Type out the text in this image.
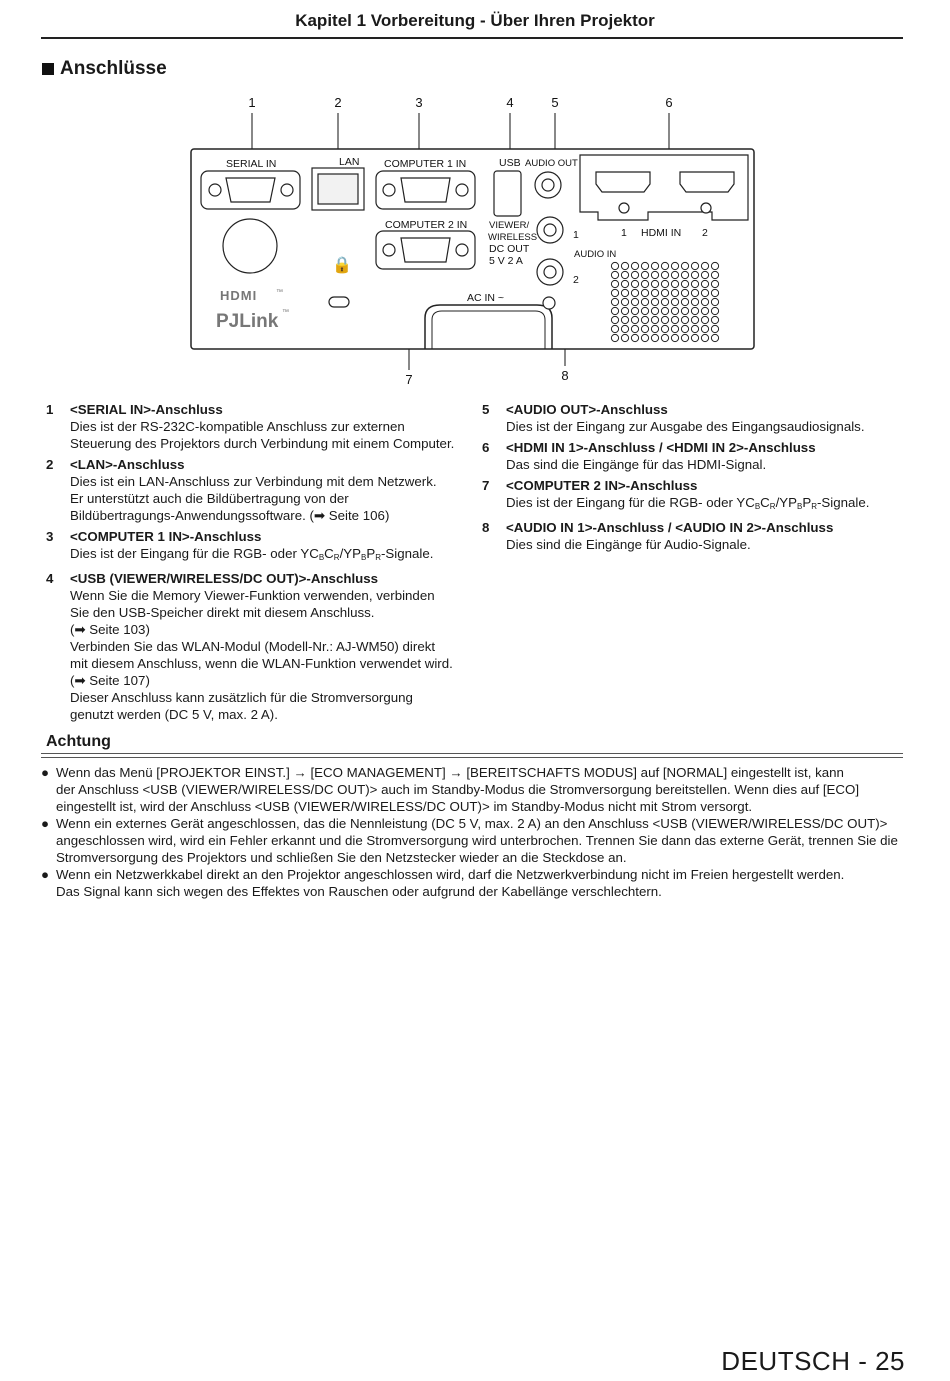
Kapitel 1 Vorbereitung - Über Ihren Projektor
Anschlüsse
1	2	3	4	5	6
7	8
SERIAL IN	LAN COMPUTER 1 IN
COMPUTER 2 IN
USB AUDIO OUT
VIEWER/
WIRELESS
DC OUT
5 V 2 A
AUDIO IN
1
2
HDMI IN
1	2
AC IN ~
HDMI	™
PJLink ™
🔒
1	<SERIAL IN>-Anschluss
Dies ist der RS-232C-kompatible Anschluss zur externen
Steuerung des Projektors durch Verbindung mit einem Computer.
2	<LAN>-Anschluss
Dies ist ein LAN-Anschluss zur Verbindung mit dem Netzwerk.
Er unterstützt auch die Bildübertragung von der
Bildübertragungs-Anwendungssoftware. (➡ Seite 106)
3	<COMPUTER 1 IN>-Anschluss
Dies ist der Eingang für die RGB- oder $YC_BC_R/YP_BP_R$-Signale.
4	<USB (VIEWER/WIRELESS/DC OUT)>-Anschluss
Wenn Sie die Memory Viewer-Funktion verwenden, verbinden
Sie den USB-Speicher direkt mit diesem Anschluss.
(➡ Seite 103)
Verbinden Sie das WLAN-Modul (Modell-Nr.: AJ-WM50) direkt
mit diesem Anschluss, wenn die WLAN-Funktion verwendet wird.
(➡ Seite 107)
Dieser Anschluss kann zusätzlich für die Stromversorgung
genutzt werden (DC 5 V, max. 2 A).
5	<AUDIO OUT>-Anschluss
Dies ist der Eingang zur Ausgabe des Eingangsaudiosignals.
6	<HDMI IN 1>-Anschluss / <HDMI IN 2>-Anschluss
Das sind die Eingänge für das HDMI-Signal.
7	<COMPUTER 2 IN>-Anschluss
Dies ist der Eingang für die RGB- oder $YC_BC_R/YP_BP_R$-Signale.
8	<AUDIO IN 1>-Anschluss / <AUDIO IN 2>-Anschluss
Dies sind die Eingänge für Audio-Signale.
Achtung
● Wenn das Menü [PROJEKTOR EINST.] → [ECO MANAGEMENT] → [BEREITSCHAFTS MODUS] auf [NORMAL] eingestellt ist, kann
der Anschluss <USB (VIEWER/WIRELESS/DC OUT)> auch im Standby-Modus die Stromversorgung bereitstellen. Wenn dies auf [ECO]
eingestellt ist, wird der Anschluss <USB (VIEWER/WIRELESS/DC OUT)> im Standby-Modus nicht mit Strom versorgt.
● Wenn ein externes Gerät angeschlossen, das die Nennleistung (DC 5 V, max. 2 A) an den Anschluss <USB (VIEWER/WIRELESS/DC OUT)>
angeschlossen wird, wird ein Fehler erkannt und die Stromversorgung wird unterbrochen. Trennen Sie dann das externe Gerät, trennen Sie die
Stromversorgung des Projektors und schließen Sie den Netzstecker wieder an die Steckdose an.
● Wenn ein Netzwerkkabel direkt an den Projektor angeschlossen wird, darf die Netzwerkverbindung nicht im Freien hergestellt werden.
Das Signal kann sich wegen des Effektes von Rauschen oder aufgrund der Kabellänge verschlechtern.
DEUTSCH - 25
